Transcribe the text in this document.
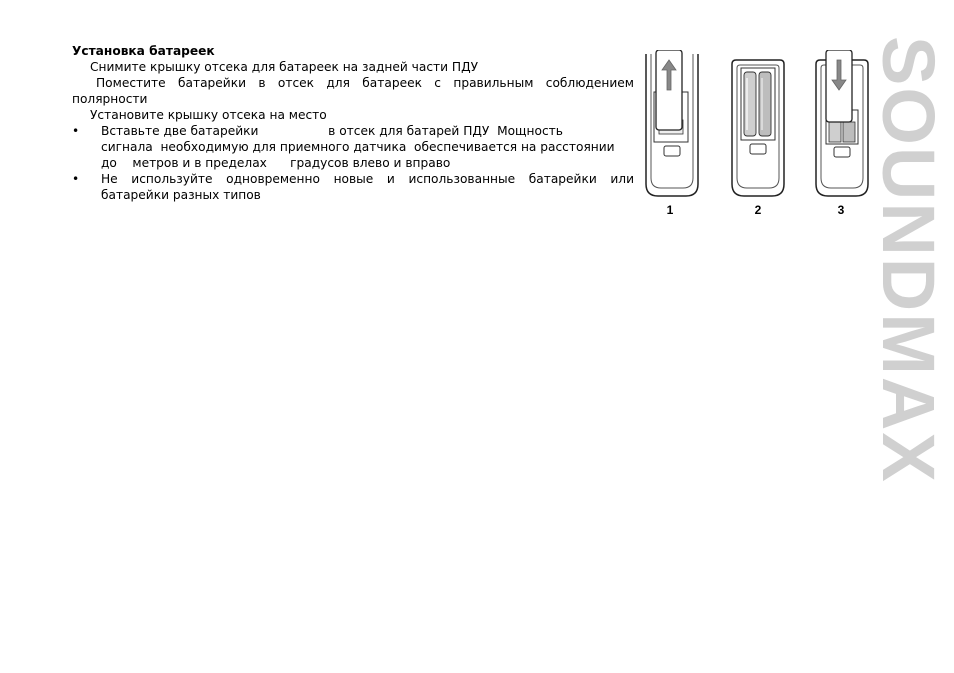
Установка батареек
Снимите крышку отсека для батареек на задней части ПДУ
Поместите батарейки в отсек для батареек с правильным соблюдением полярности
Установите крышку отсека на место
• Вставьте две батарейки                  в отсек для батарей ПДУ  Мощность
сигнала  необходимую для приемного датчика  обеспечивается на расстоянии
до    метров и в пределах      градусов влево и вправо
• Не используйте одновременно новые и использованные батарейки или
батарейки разных типов
1	2	3 SOUNDMAX
